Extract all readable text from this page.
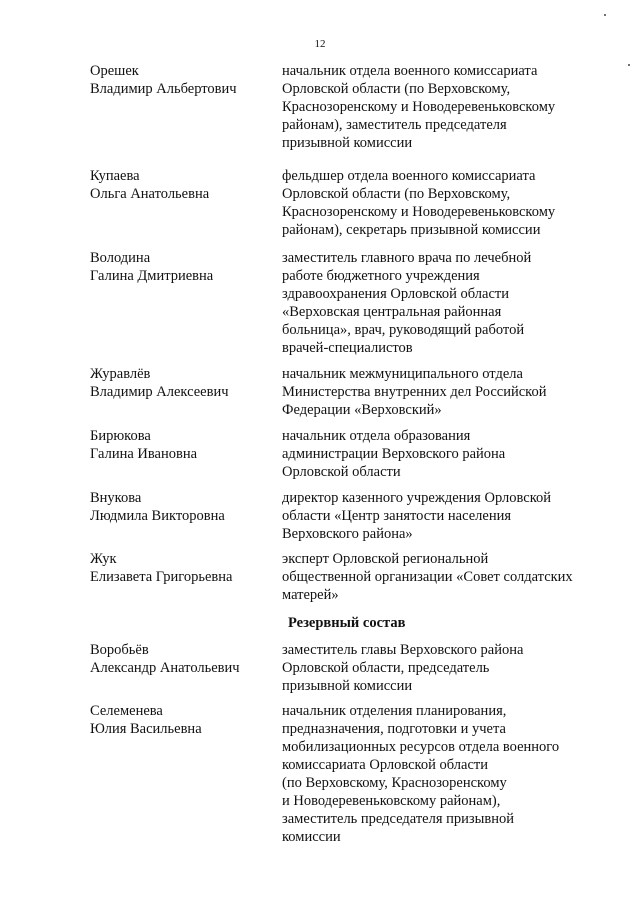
12
Орешек
Владимир Альбертович
начальник отдела военного комиссариата
Орловской области (по Верховскому,
Краснозоренскому и Новодеревеньковскому
районам), заместитель председателя
призывной комиссии
Купаева
Ольга Анатольевна
фельдшер отдела военного комиссариата
Орловской области (по Верховскому,
Краснозоренскому и Новодеревеньковскому
районам), секретарь призывной комиссии
Володина
Галина Дмитриевна
заместитель главного врача по лечебной
работе бюджетного учреждения
здравоохранения Орловской области
«Верховская центральная районная
больница», врач, руководящий работой
врачей-специалистов
Журавлёв
Владимир Алексеевич
начальник межмуниципального отдела
Министерства внутренних дел Российской
Федерации «Верховский»
Бирюкова
Галина Ивановна
начальник отдела образования
администрации Верховского района
Орловской области
Внукова
Людмила Викторовна
директор казенного учреждения Орловской
области «Центр занятости населения
Верховского района»
Жук
Елизавета Григорьевна
эксперт Орловской региональной
общественной организации «Совет солдатских
матерей»
Резервный состав
Воробьёв
Александр Анатольевич
заместитель главы Верховского района
Орловской области, председатель
призывной комиссии
Селеменева
Юлия Васильевна
начальник отделения планирования,
предназначения, подготовки и учета
мобилизационных ресурсов отдела военного
комиссариата Орловской области
(по Верховскому, Краснозоренскому
и Новодеревеньковскому районам),
заместитель председателя призывной
комиссии
